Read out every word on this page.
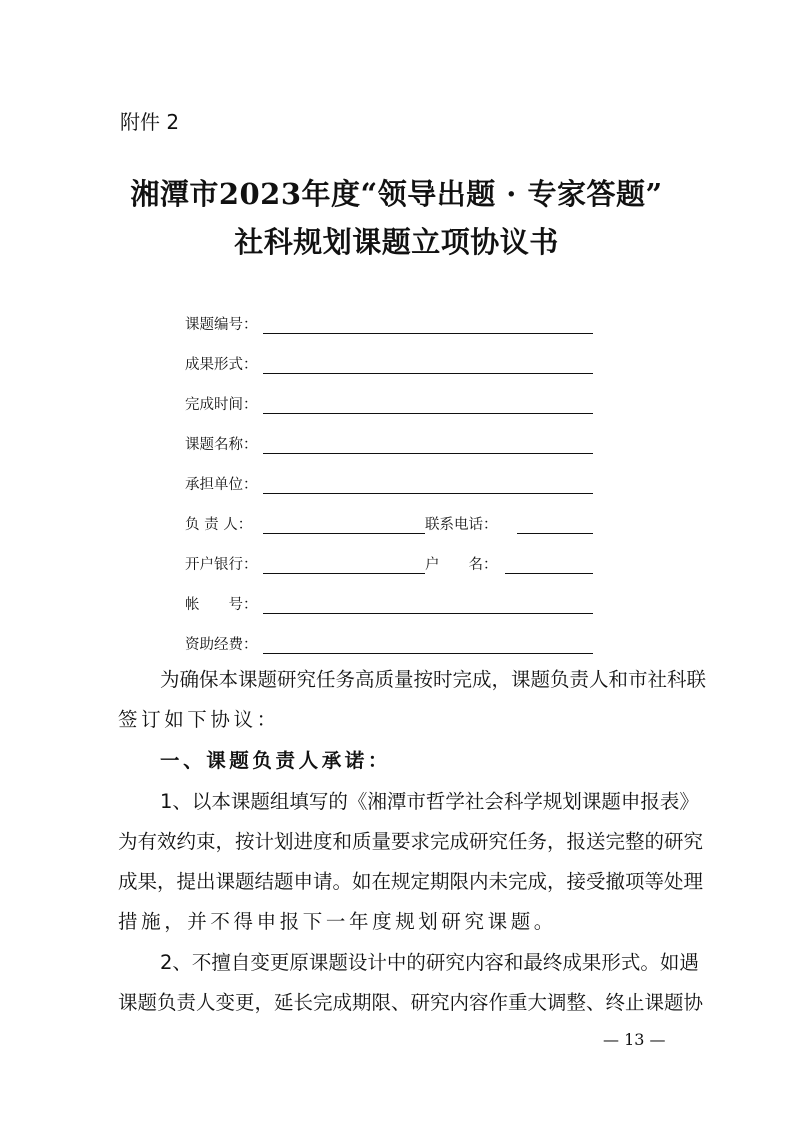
附件 2
湘潭市2023年度“领导出题 · 专家答题”
社科规划课题立项协议书
课题编号：
成果形式：
完成时间：
课题名称：
承担单位：
负 责 人：	联系电话：
开户银行：	户　　名：
帐　　号：
资助经费：
为确保本课题研究任务高质量按时完成，课题负责人和市社科联
签订如下协议：
一、课题负责人承诺：
1、以本课题组填写的《湘潭市哲学社会科学规划课题申报表》
为有效约束，按计划进度和质量要求完成研究任务，报送完整的研究
成果，提出课题结题申请。如在规定期限内未完成，接受撤项等处理
措施，并不得申报下一年度规划研究课题。
2、不擅自变更原课题设计中的研究内容和最终成果形式。如遇
课题负责人变更，延长完成期限、研究内容作重大调整、终止课题协
— 13 —
